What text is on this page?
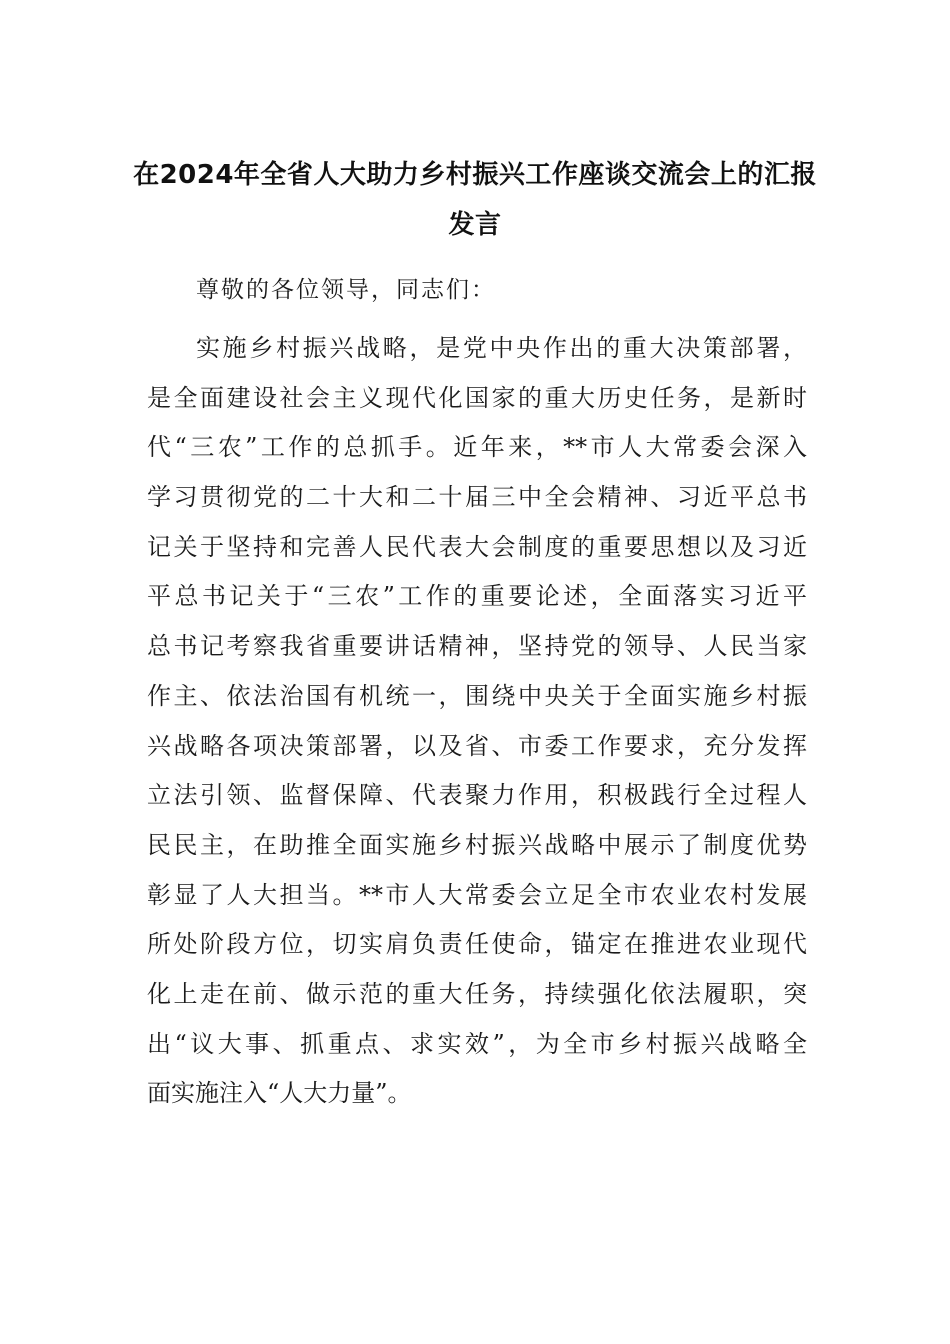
在2024年全省人大助力乡村振兴工作座谈交流会上的汇报
发言
尊敬的各位领导，同志们：
实施乡村振兴战略，是党中央作出的重大决策部署，
是全面建设社会主义现代化国家的重大历史任务，是新时
代“三农”工作的总抓手。近年来，**市人大常委会深入
学习贯彻党的二十大和二十届三中全会精神、习近平总书
记关于坚持和完善人民代表大会制度的重要思想以及习近
平总书记关于“三农”工作的重要论述，全面落实习近平
总书记考察我省重要讲话精神，坚持党的领导、人民当家
作主、依法治国有机统一，围绕中央关于全面实施乡村振
兴战略各项决策部署，以及省、市委工作要求，充分发挥
立法引领、监督保障、代表聚力作用，积极践行全过程人
民民主，在助推全面实施乡村振兴战略中展示了制度优势
彰显了人大担当。**市人大常委会立足全市农业农村发展
所处阶段方位，切实肩负责任使命，锚定在推进农业现代
化上走在前、做示范的重大任务，持续强化依法履职，突
出“议大事、抓重点、求实效”，为全市乡村振兴战略全
面实施注入“人大力量”。
